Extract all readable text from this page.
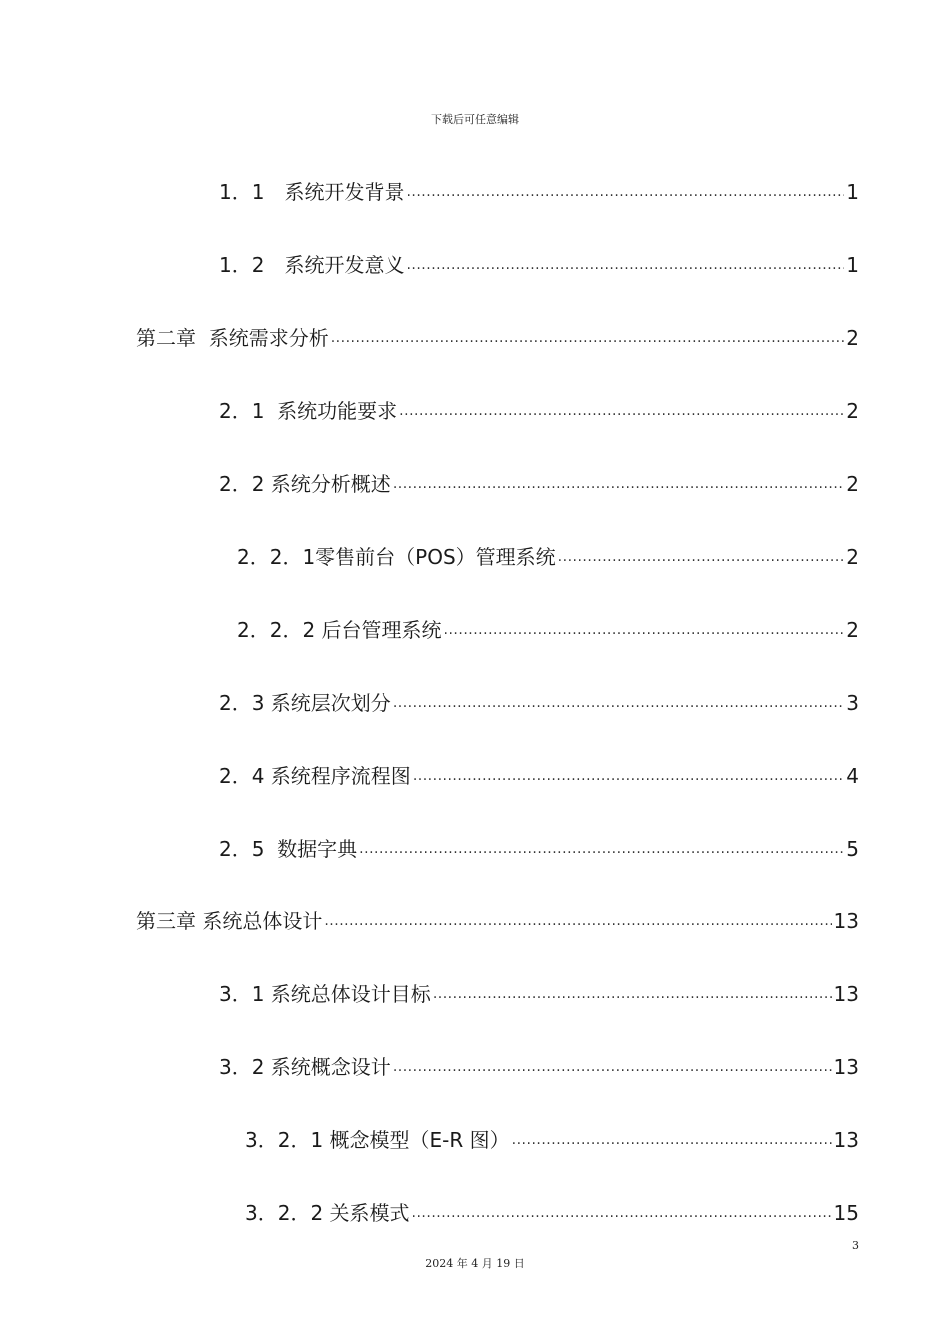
下载后可任意编辑
1．1　系统开发背景 .....	1
1．2　系统开发意义 .....	1
第二章  系统需求分析 .....	2
2．1  系统功能要求 .....	2
2．2 系统分析概述 .....	2
2．2．1零售前台（POS）管理系统 .....	2
2．2．2 后台管理系统 .....	2
2．3 系统层次划分 .....	3
2．4 系统程序流程图 .....	4
2．5  数据字典 .....	5
第三章 系统总体设计 .....	13
3．1 系统总体设计目标 .....	13
3．2 系统概念设计 .....	13
3．2．1 概念模型（E-R 图） .....	13
3．2．2 关系模式 .....	15
3
2024 年 4 月 19 日
